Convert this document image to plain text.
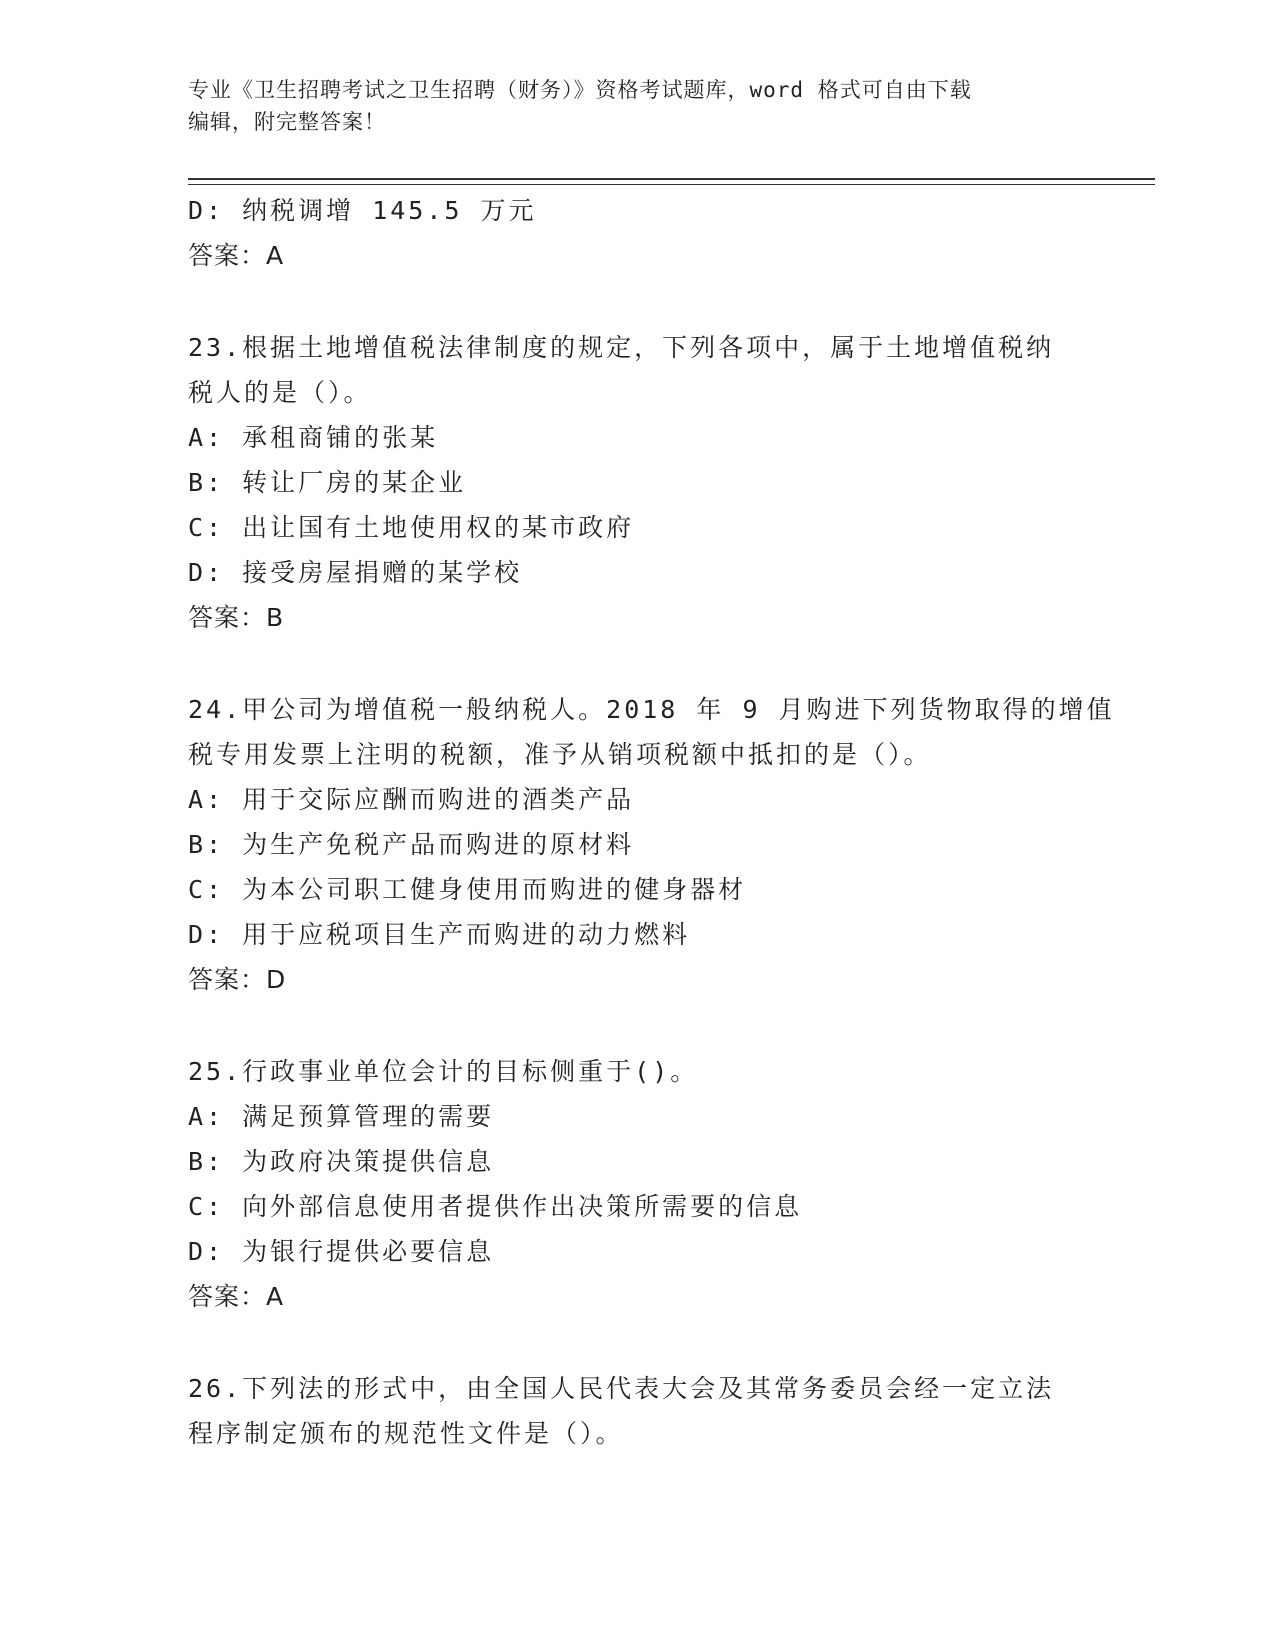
专业《卫生招聘考试之卫生招聘（财务）》资格考试题库，word 格式可自由下载
编辑，附完整答案！
D: 纳税调增 145.5 万元
答案：A
23.根据土地增值税法律制度的规定，下列各项中，属于土地增值税纳
税人的是（）。
A: 承租商铺的张某
B: 转让厂房的某企业
C: 出让国有土地使用权的某市政府
D: 接受房屋捐赠的某学校
答案：B
24.甲公司为增值税一般纳税人。2018 年 9 月购进下列货物取得的增值
税专用发票上注明的税额，准予从销项税额中抵扣的是（）。
A: 用于交际应酬而购进的酒类产品
B: 为生产免税产品而购进的原材料
C: 为本公司职工健身使用而购进的健身器材
D: 用于应税项目生产而购进的动力燃料
答案：D
25.行政事业单位会计的目标侧重于()。
A: 满足预算管理的需要
B: 为政府决策提供信息
C: 向外部信息使用者提供作出决策所需要的信息
D: 为银行提供必要信息
答案：A
26.下列法的形式中，由全国人民代表大会及其常务委员会经一定立法
程序制定颁布的规范性文件是（）。
